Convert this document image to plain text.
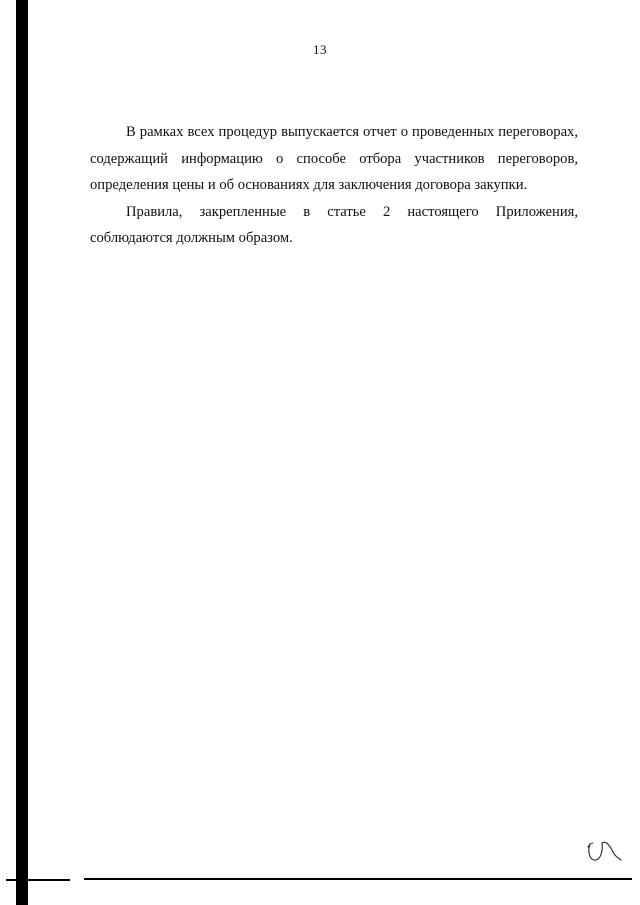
13

В рамках всех процедур выпускается отчет о проведенных переговорах, содержащий информацию о способе отбора участников переговоров, определения цены и об основаниях для заключения договора закупки.

Правила, закрепленные в статье 2 настоящего Приложения, соблюдаются должным образом.
